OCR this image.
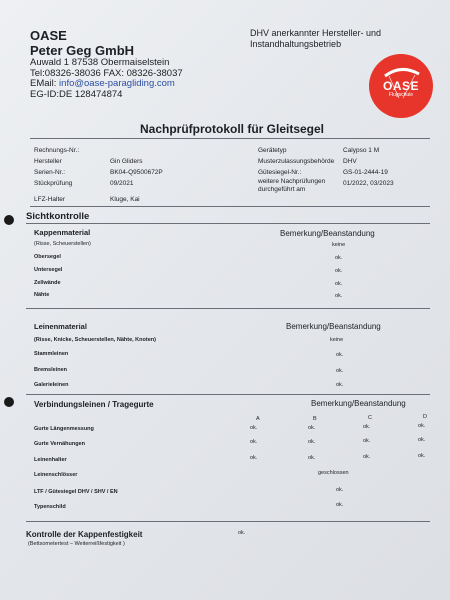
OASE
Peter Geg GmbH
Auwald 1 87538 Obermaiselstein
Tel:08326-38036 FAX: 08326-38037
EMail: info@oase-paragliding.com
EG-ID:DE 128474874
DHV anerkannter Hersteller- und
Instandhaltungsbetrieb
OASE
Flugschule
Nachprüfprotokoll für Gleitsegel
Rechnungs-Nr.:
Hersteller	Gin Gliders
Serien-Nr.:	BK04-Q9500672P
Stückprüfung	09/2021
LFZ-Halter	Kluge, Kai
Gerätetyp	Calypso 1 M
Musterzulassungsbehörde DHV
Gütesiegel-Nr.:	GS-01-2444-19
weitere Nachprüfungen
durchgeführt am
01/2022, 03/2023
Sichtkontrolle
Kappenmaterial	Bemerkung/Beanstandung
(Risse, Scheuerstellen)	keine
Obersegel	ok.
Untersegel	ok.
Zellwände	ok.
Nähte	ok.
Leinenmaterial	Bemerkung/Beanstandung
(Risse, Knicke, Scheuerstellen, Nähte, Knoten)	keine
Stammleinen	ok.
Bremsleinen	ok.
Galerieleinen	ok.
Verbindungsleinen / Tragegurte	Bemerkung/Beanstandung
A	B	C	D
Gurte Längenmessung	ok.	ok.	ok.	ok.
Gurte Vernähungen	ok.	ok.	ok.	ok.
Leinenhalter	ok.	ok.	ok.	ok.
Leinenschlösser	geschlossen
LTF / Gütesiegel DHV / SHV / EN	ok.
Typenschild	ok.
Kontrolle der Kappenfestigkeit
(Bettsometertest – Weiterreißfestigkeit )
ok.
